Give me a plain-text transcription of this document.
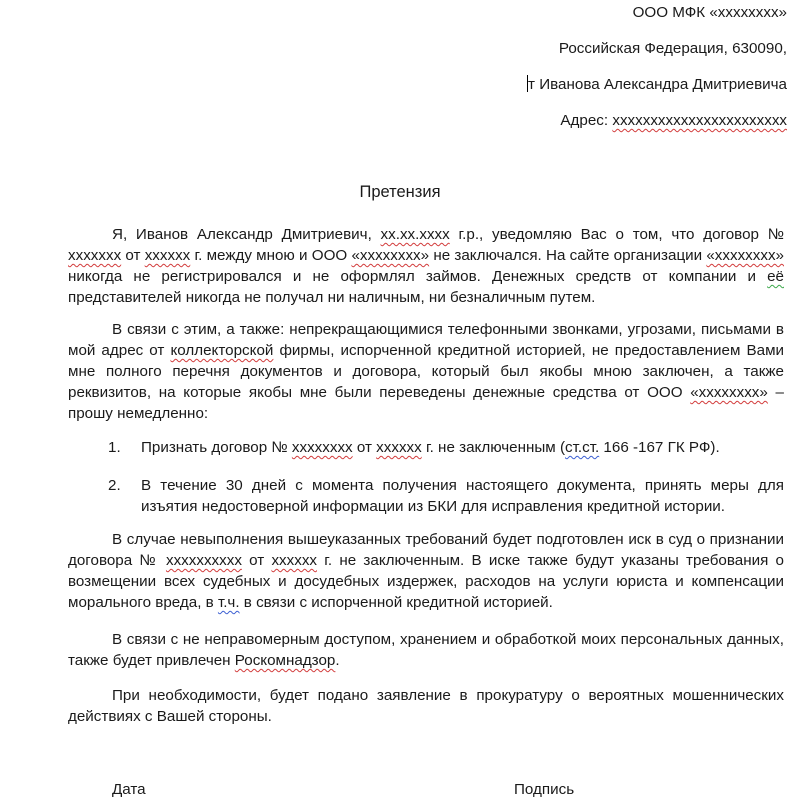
ООО МФК «хххххххх»
Российская Федерация, 630090,
т Иванова Александра Дмитриевича
Адрес: ххххххххххххххххххххххх
Претензия

Я, Иванов Александр Дмитриевич, хх.хх.хххх г.р., уведомляю Вас о том, что договор № ххххххх от хххххх г. между мною и ООО «хххххххх» не заключался. На сайте организации «хххххххх» никогда не регистрировался и не оформлял займов. Денежных средств от компании и её представителей никогда не получал ни наличным, ни безналичным путем.

В связи с этим, а также: непрекращающимися телефонными звонками, угрозами, письмами в мой адрес от коллекторской фирмы, испорченной кредитной историей, не предоставлением Вами мне полного перечня документов и договора, который был якобы мною заключен, а также реквизитов, на которые якобы мне были переведены денежные средства от ООО «хххххххх» – прошу немедленно:

1.	Признать договор № хххххххх от хххххх г. не заключенным (ст.ст. 166 -167 ГК РФ).
2.	В течение 30 дней с момента получения настоящего документа, принять меры для изъятия недостоверной информации из БКИ для исправления кредитной истории.

В случае невыполнения вышеуказанных требований будет подготовлен иск в суд о признании договора № хххххххххх от хххххх г. не заключенным. В иске также будут указаны требования о возмещении всех судебных и досудебных издержек, расходов на услуги юриста и компенсации морального вреда, в т.ч. в связи с испорченной кредитной историей.

В связи с не неправомерным доступом, хранением и обработкой моих персональных данных, также будет привлечен Роскомнадзор.

При необходимости, будет подано заявление в прокуратуру о вероятных мошеннических действиях с Вашей стороны.

Дата	Подпись
